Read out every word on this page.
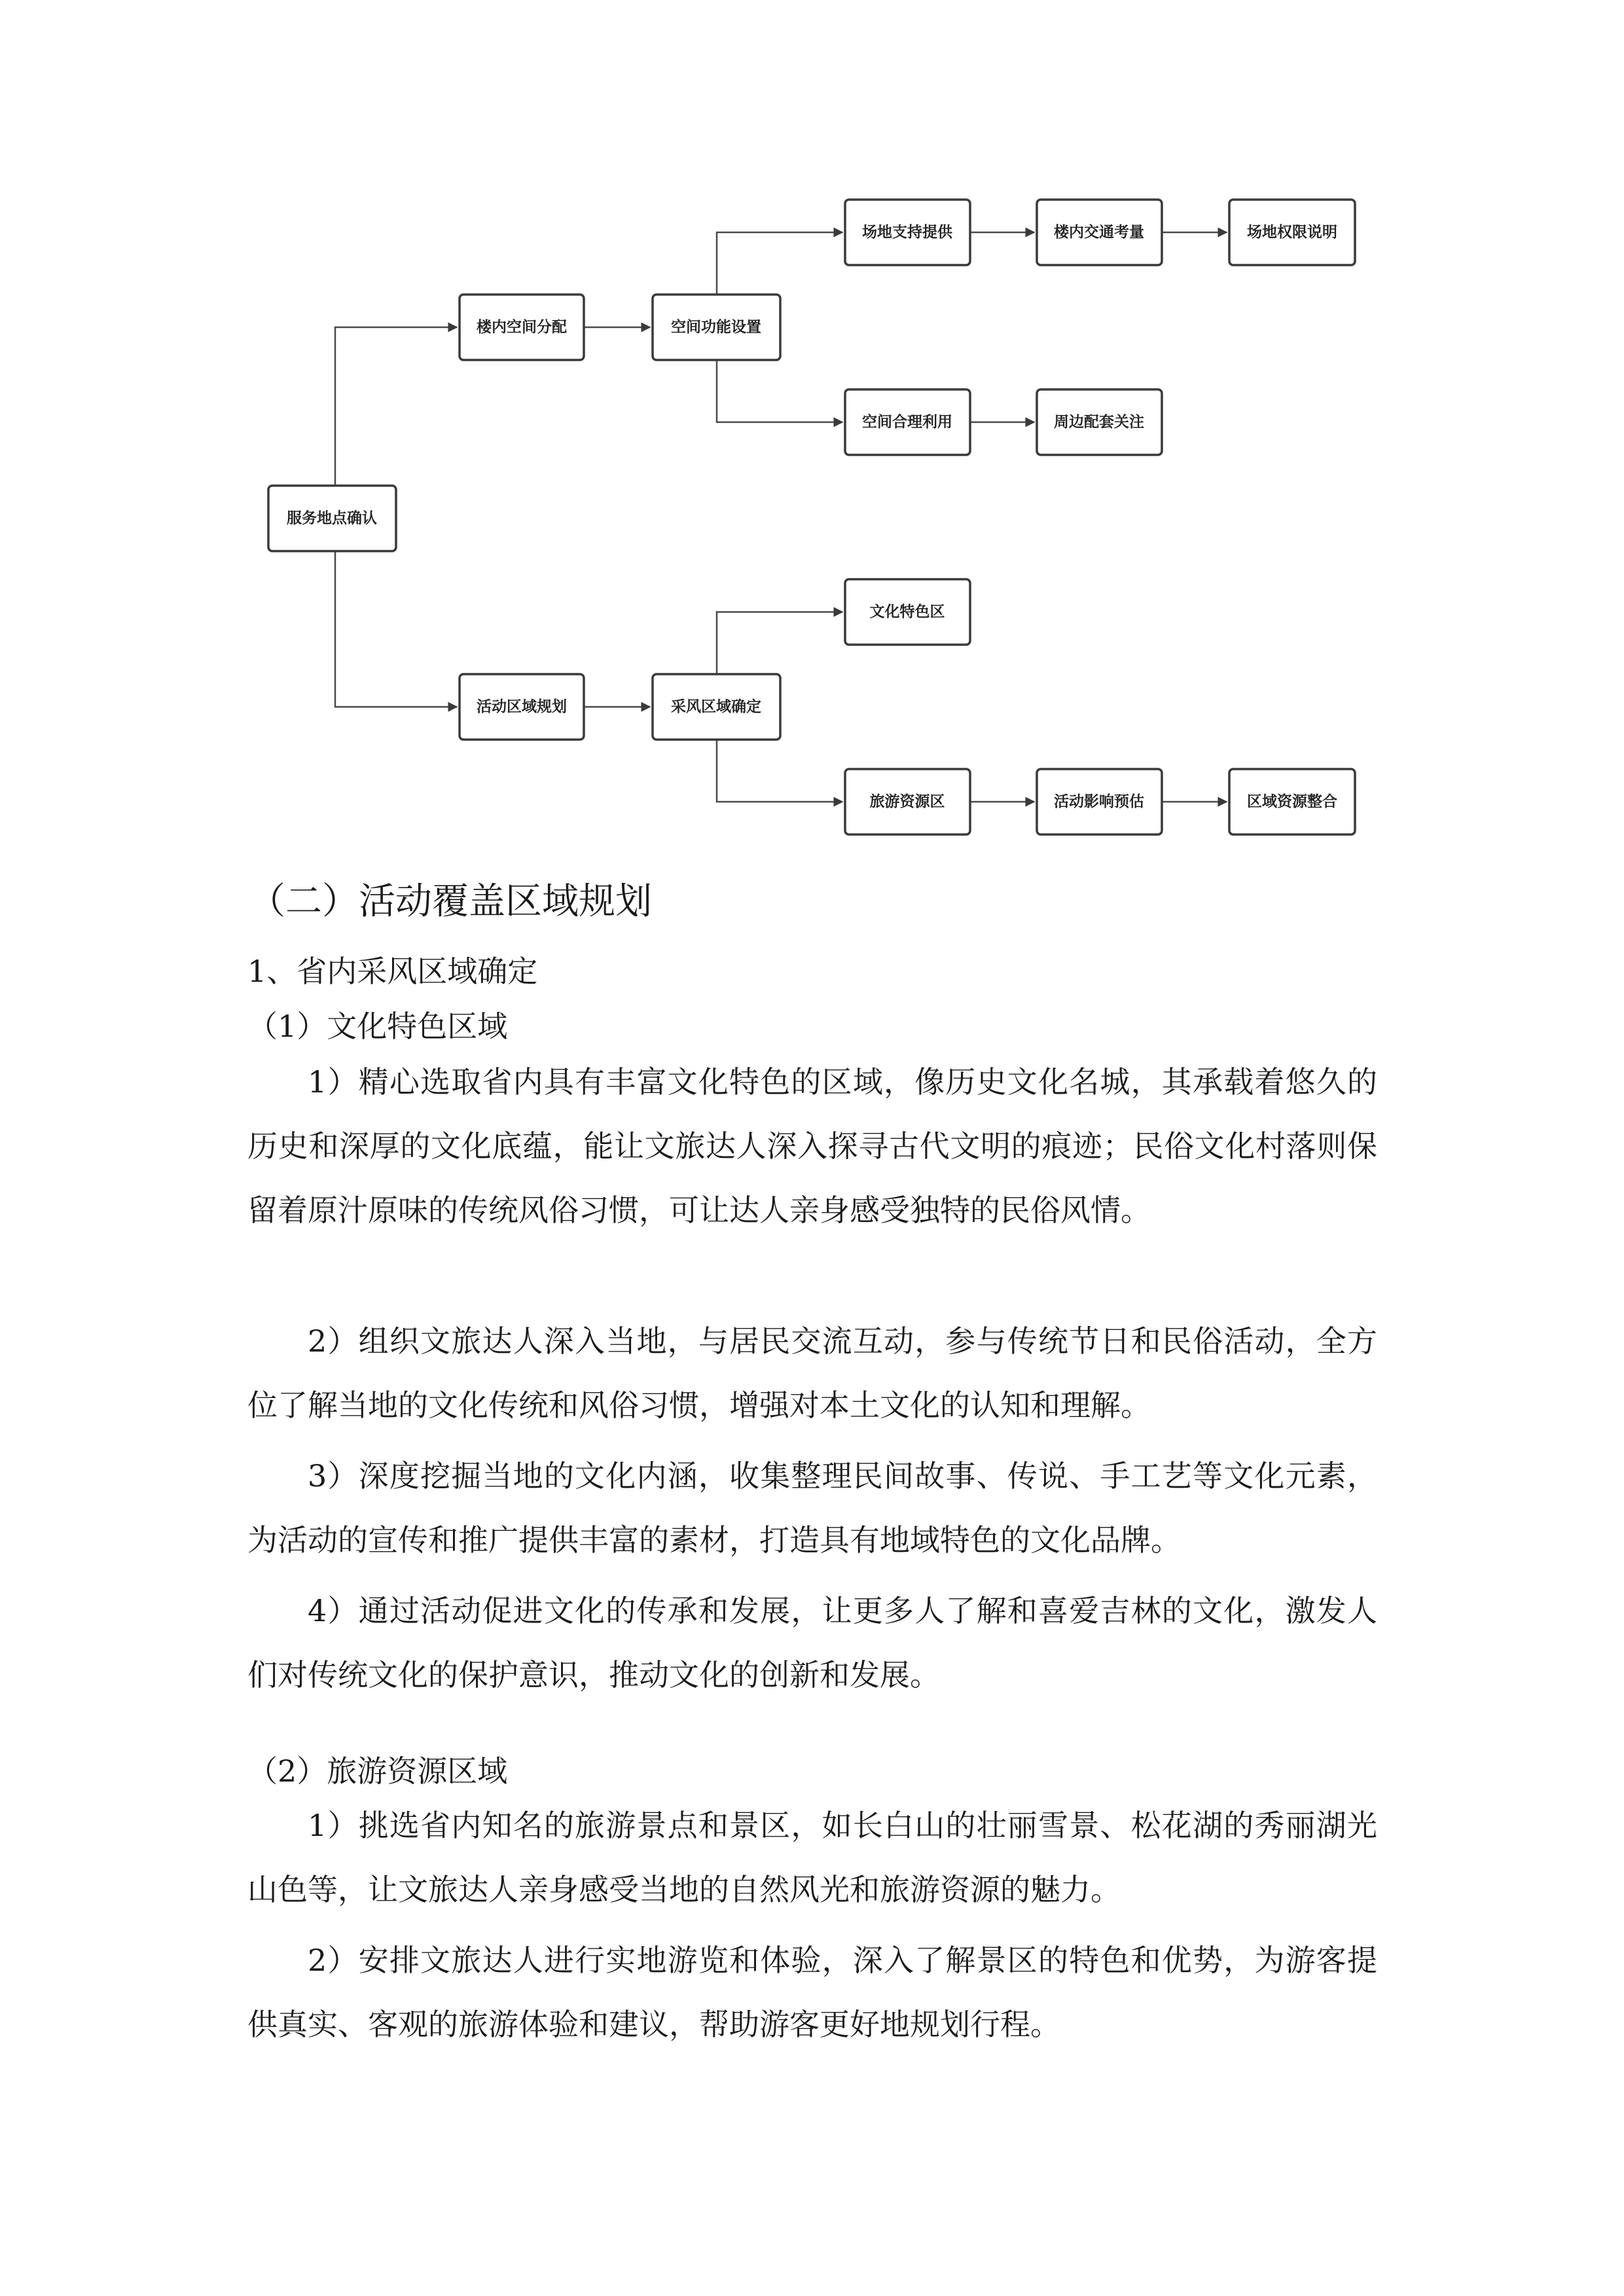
服务地点确认
楼内空间分配	空间功能设置
场地支持提供	楼内交通考量	场地权限说明
空间合理利用	周边配套关注
活动区域规划	采风区域确定
文化特色区
旅游资源区	活动影响预估	区域资源整合
（二）活动覆盖区域规划
1、省内采风区域确定
（1）文化特色区域

1）精心选取省内具有丰富文化特色的区域，像历史文化名城，其承载着悠久的历史和深厚的文化底蕴，能让文旅达人深入探寻古代文明的痕迹；民俗文化村落则保留着原汁原味的传统风俗习惯，可让达人亲身感受独特的民俗风情。

2）组织文旅达人深入当地，与居民交流互动，参与传统节日和民俗活动，全方位了解当地的文化传统和风俗习惯，增强对本土文化的认知和理解。

3）深度挖掘当地的文化内涵，收集整理民间故事、传说、手工艺等文化元素，为活动的宣传和推广提供丰富的素材，打造具有地域特色的文化品牌。

4）通过活动促进文化的传承和发展，让更多人了解和喜爱吉林的文化，激发人们对传统文化的保护意识，推动文化的创新和发展。

（2）旅游资源区域

1）挑选省内知名的旅游景点和景区，如长白山的壮丽雪景、松花湖的秀丽湖光山色等，让文旅达人亲身感受当地的自然风光和旅游资源的魅力。

2）安排文旅达人进行实地游览和体验，深入了解景区的特色和优势，为游客提供真实、客观的旅游体验和建议，帮助游客更好地规划行程。
